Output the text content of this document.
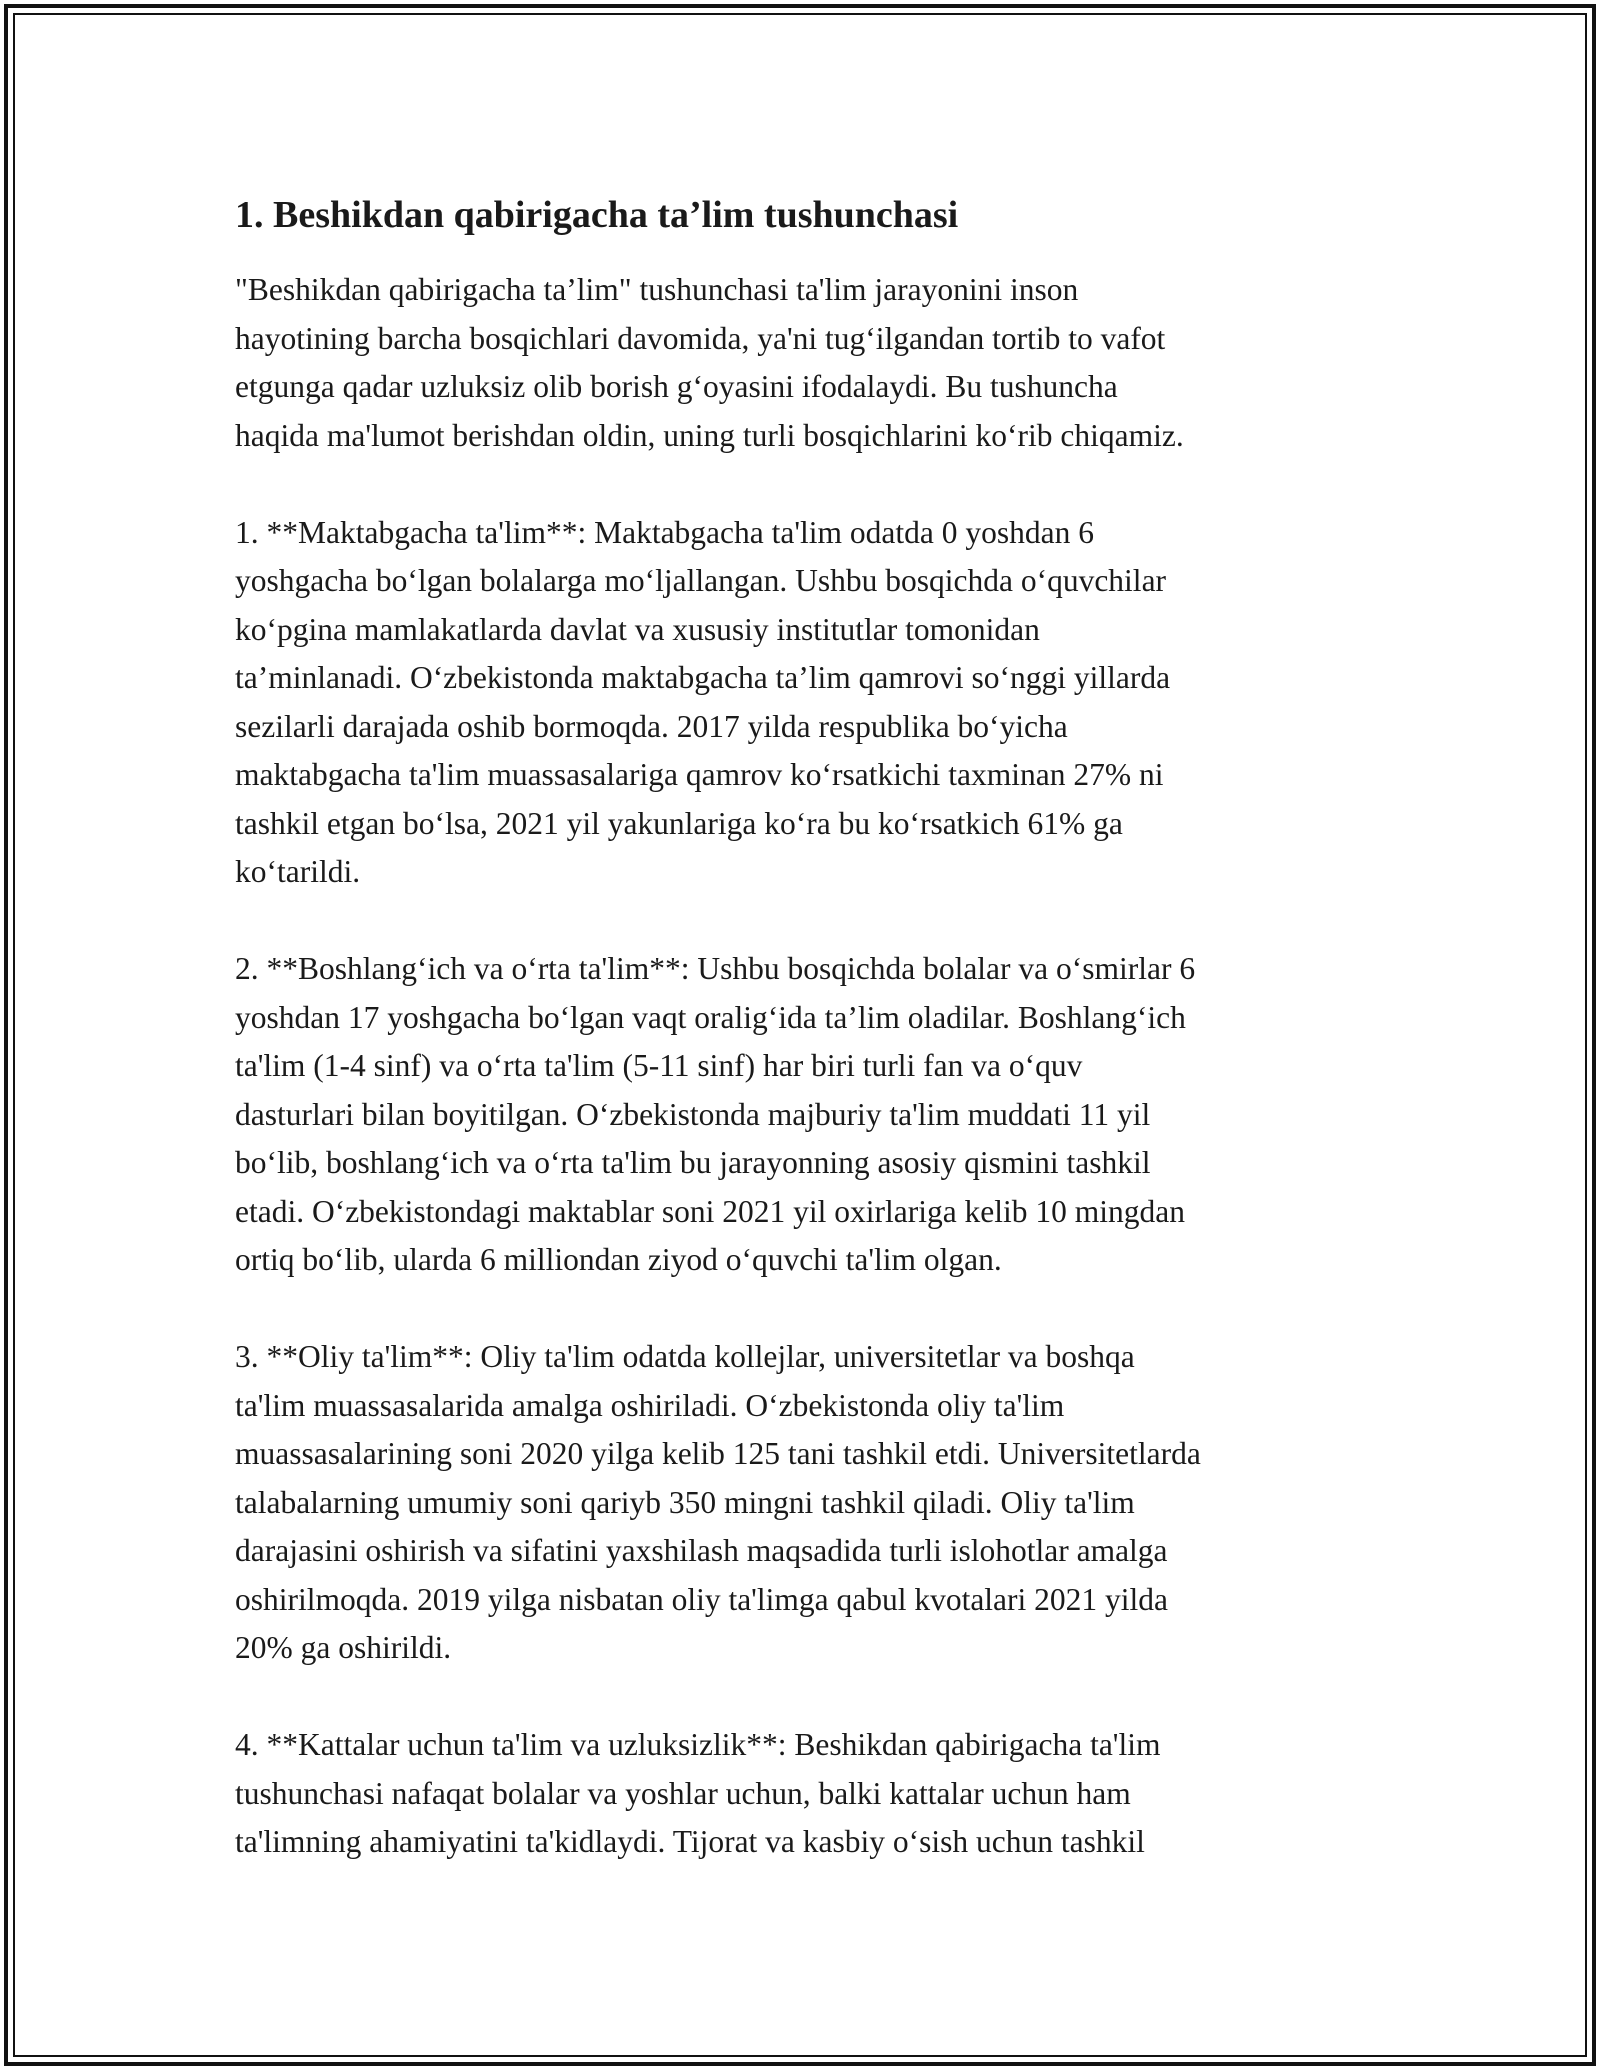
1. Beshikdan qabirigacha ta’lim tushunchasi

"Beshikdan qabirigacha ta’lim" tushunchasi ta'lim jarayonini inson
hayotining barcha bosqichlari davomida, ya'ni tug‘ilgandan tortib to vafot
etgunga qadar uzluksiz olib borish g‘oyasini ifodalaydi. Bu tushuncha
haqida ma'lumot berishdan oldin, uning turli bosqichlarini ko‘rib chiqamiz.

1. **Maktabgacha ta'lim**: Maktabgacha ta'lim odatda 0 yoshdan 6
yoshgacha bo‘lgan bolalarga mo‘ljallangan. Ushbu bosqichda o‘quvchilar
ko‘pgina mamlakatlarda davlat va xususiy institutlar tomonidan
ta’minlanadi. O‘zbekistonda maktabgacha ta’lim qamrovi so‘nggi yillarda
sezilarli darajada oshib bormoqda. 2017 yilda respublika bo‘yicha
maktabgacha ta'lim muassasalariga qamrov ko‘rsatkichi taxminan 27% ni
tashkil etgan bo‘lsa, 2021 yil yakunlariga ko‘ra bu ko‘rsatkich 61% ga
ko‘tarildi.

2. **Boshlang‘ich va o‘rta ta'lim**: Ushbu bosqichda bolalar va o‘smirlar 6
yoshdan 17 yoshgacha bo‘lgan vaqt oralig‘ida ta’lim oladilar. Boshlang‘ich
ta'lim (1-4 sinf) va o‘rta ta'lim (5-11 sinf) har biri turli fan va o‘quv
dasturlari bilan boyitilgan. O‘zbekistonda majburiy ta'lim muddati 11 yil
bo‘lib, boshlang‘ich va o‘rta ta'lim bu jarayonning asosiy qismini tashkil
etadi. O‘zbekistondagi maktablar soni 2021 yil oxirlariga kelib 10 mingdan
ortiq bo‘lib, ularda 6 milliondan ziyod o‘quvchi ta'lim olgan.

3. **Oliy ta'lim**: Oliy ta'lim odatda kollejlar, universitetlar va boshqa
ta'lim muassasalarida amalga oshiriladi. O‘zbekistonda oliy ta'lim
muassasalarining soni 2020 yilga kelib 125 tani tashkil etdi. Universitetlarda
talabalarning umumiy soni qariyb 350 mingni tashkil qiladi. Oliy ta'lim
darajasini oshirish va sifatini yaxshilash maqsadida turli islohotlar amalga
oshirilmoqda. 2019 yilga nisbatan oliy ta'limga qabul kvotalari 2021 yilda
20% ga oshirildi.

4. **Kattalar uchun ta'lim va uzluksizlik**: Beshikdan qabirigacha ta'lim
tushunchasi nafaqat bolalar va yoshlar uchun, balki kattalar uchun ham
ta'limning ahamiyatini ta'kidlaydi. Tijorat va kasbiy o‘sish uchun tashkil
